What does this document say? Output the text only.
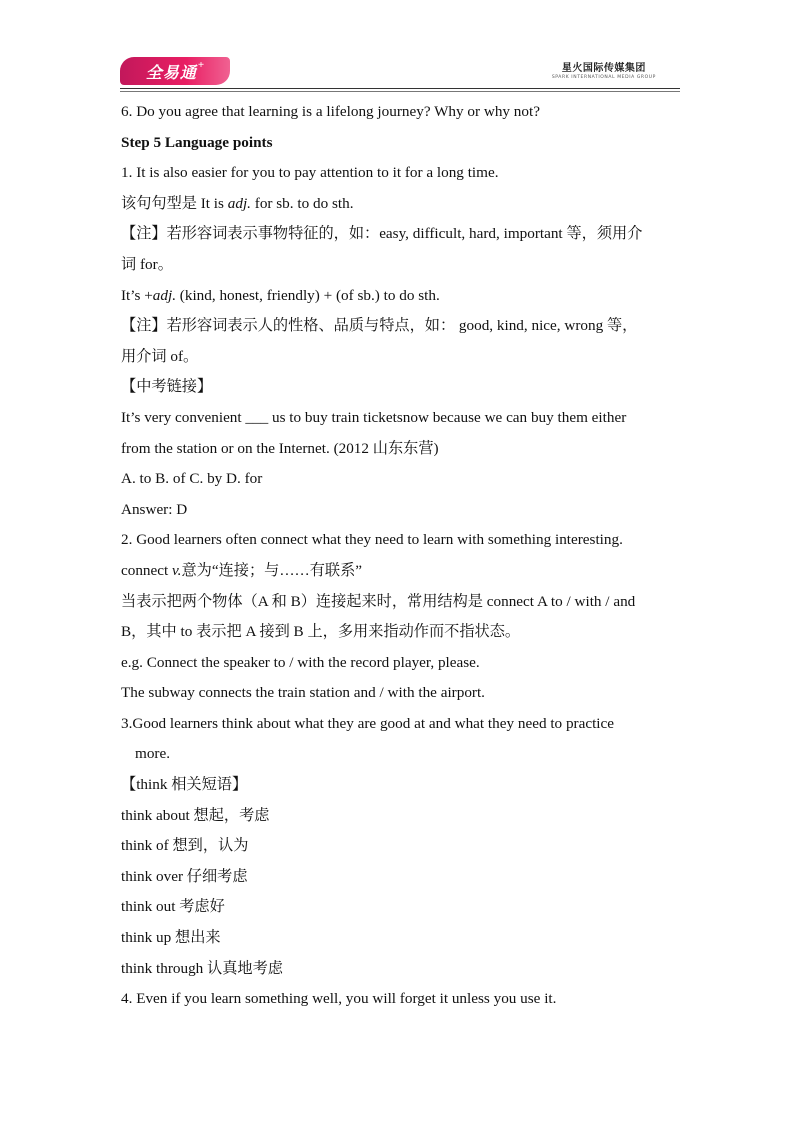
全易通 +	星火国际传媒集团
SPARK INTERNATIONAL MEDIA GROUP
6. Do you agree that learning is a lifelong journey? Why or why not?
Step 5 Language points
1. It is also easier for you to pay attention to it for a long time.
该句句型是 It is adj. for sb. to do sth.
【注】若形容词表示事物特征的，如：easy, difficult, hard, important 等，须用介
词 for。
It’s +adj. (kind, honest, friendly) + (of sb.) to do sth.
【注】若形容词表示人的性格、品质与特点，如： good, kind, nice, wrong 等，
用介词 of。
【中考链接】
It’s very convenient ___ us to buy train ticketsnow because we can buy them either
from the station or on the Internet. (2012 山东东营)
A. to B. of C. by D. for
Answer: D
2. Good learners often connect what they need to learn with something interesting.
connect v.意为“连接；与……有联系”
当表示把两个物体（A 和 B）连接起来时，常用结构是 connect A to / with / and
B，其中 to 表示把 A 接到 B 上，多用来指动作而不指状态。
e.g. Connect the speaker to / with the record player, please.
The subway connects the train station and / with the airport.
3.Good learners think about what they are good at and what they need to practice
more.
【think 相关短语】
think about 想起，考虑
think of 想到，认为
think over 仔细考虑
think out 考虑好
think up 想出来
think through 认真地考虑
4. Even if you learn something well, you will forget it unless you use it.
